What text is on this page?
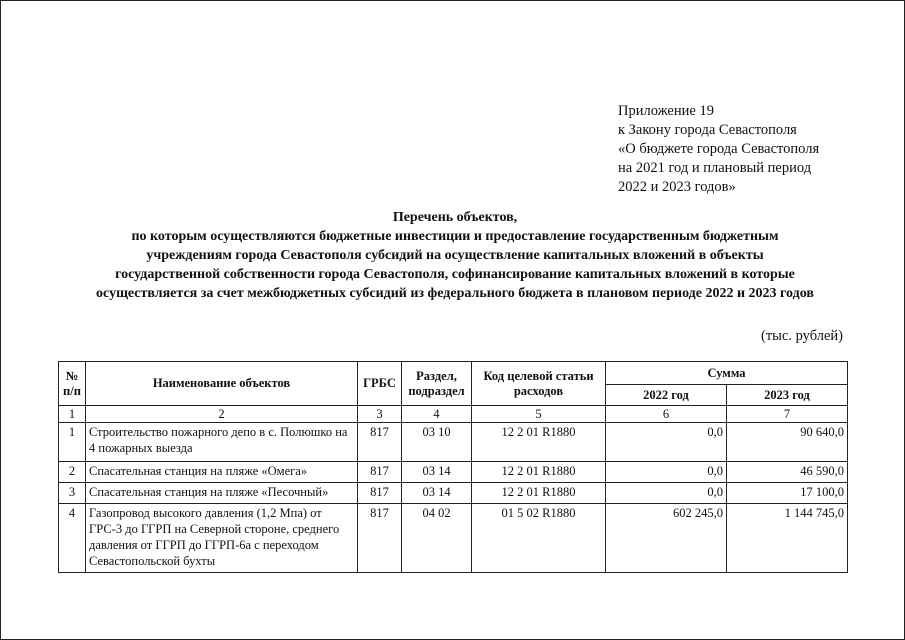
Приложение 19
к Закону города Севастополя
«О бюджете города Севастополя
на 2021 год и плановый период
2022 и 2023 годов»
Перечень объектов,
по которым осуществляются бюджетные инвестиции и предоставление государственным бюджетным
учреждениям города Севастополя субсидий на осуществление капитальных вложений в объекты
государственной собственности города Севастополя, софинансирование капитальных вложений в которые
осуществляется за счет межбюджетных субсидий из федерального бюджета в плановом периоде 2022 и 2023 годов
(тыс. рублей)
№ п/п	Наименование объектов	ГРБС	Раздел, подраздел	Код целевой статьи расходов	Сумма	
					2022 год	2023 год
1	2	3	4	5	6	7
1	Строительство пожарного депо в с. Полюшко на 4 пожарных выезда	817	03 10	12 2 01 R1880	0,0	90 640,0
2	Спасательная станция на пляже «Омега»	817	03 14	12 2 01 R1880	0,0	46 590,0
3	Спасательная станция на пляже «Песочный»	817	03 14	12 2 01 R1880	0,0	17 100,0
4	Газопровод высокого давления (1,2 Мпа) от ГРС-3 до ГГРП на Северной стороне, среднего давления от ГГРП до ГГРП-6а с переходом Севастопольской бухты	817	04 02	01 5 02 R1880	602 245,0	1 144 745,0
